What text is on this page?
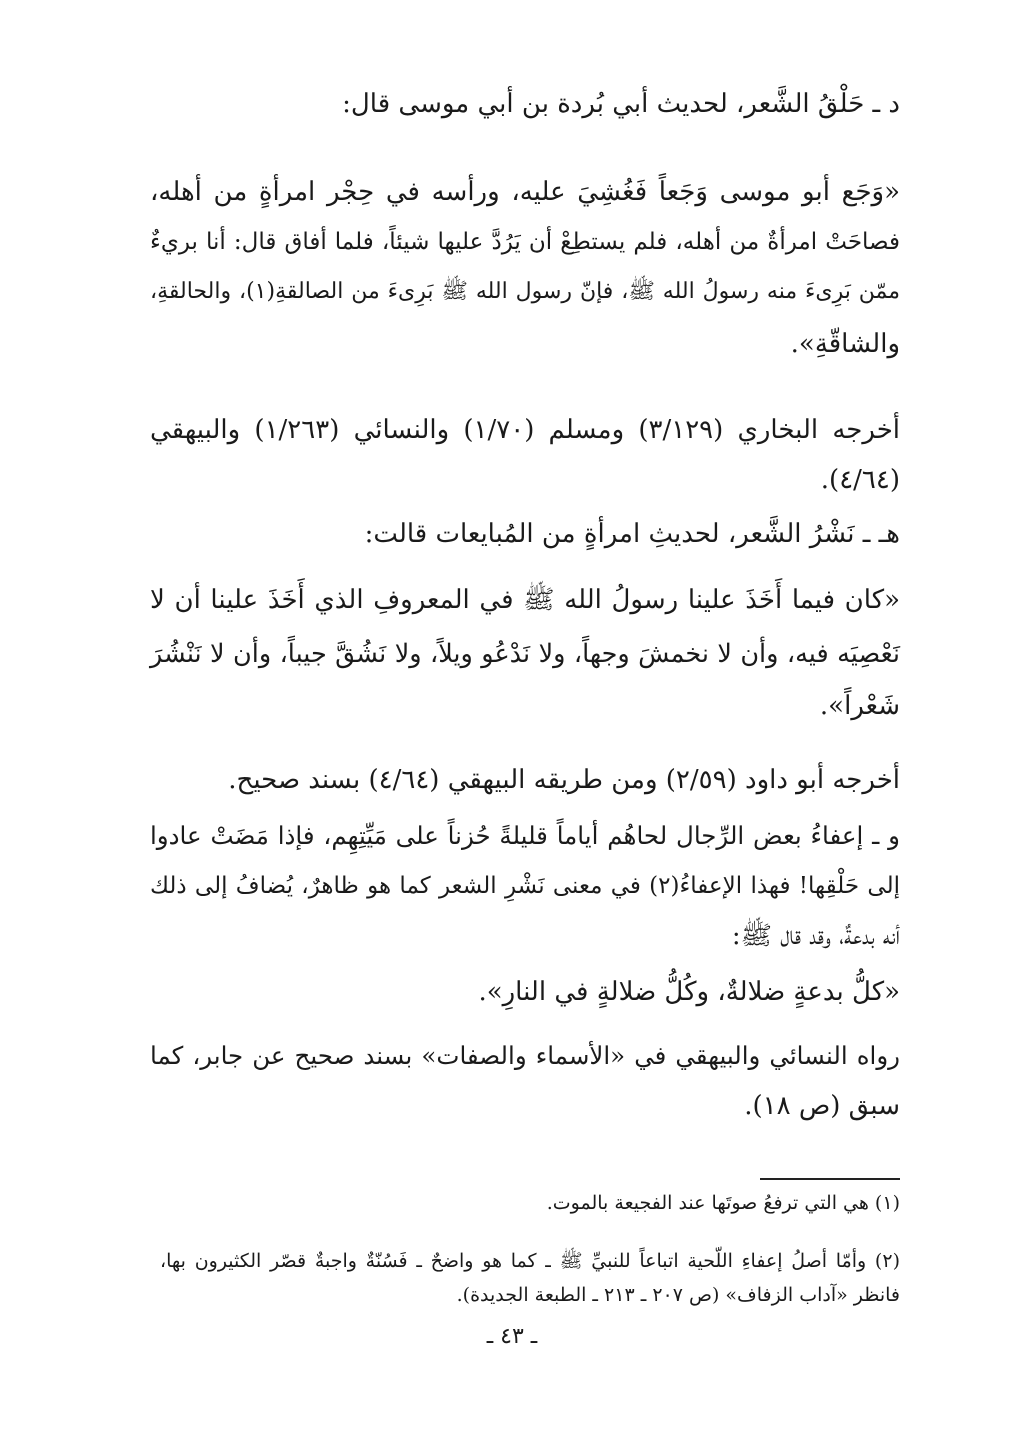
د ـ حَلْقُ الشَّعر، لحديث أبي بُردة بن أبي موسى قال:
«وَجَع أبو موسى وَجَعاً فَغُشِيَ عليه، ورأسه في حِجْر امرأةٍ من أهله،
فصاحَتْ امرأةٌ من أهله، فلم يستطِعْ أن يَرُدَّ عليها شيئاً، فلما أفاق قال: أنا بريءٌ
ممّن بَرِىءَ منه رسولُ الله ﷺ، فإنّ رسول الله ﷺ بَرِىءَ من الصالقةِ(١)، والحالقةِ،
والشاقّةِ».
أخرجه البخاري (٣/١٢٩) ومسلم (١/٧٠) والنسائي (١/٢٦٣) والبيهقي
(٤/٦٤).
هـ ـ نَشْرُ الشَّعر، لحديثِ امرأةٍ من المُبايعات قالت:
«كان فيما أَخَذَ علينا رسولُ الله ﷺ في المعروفِ الذي أَخَذَ علينا أن لا
نَعْصِيَه فيه، وأن لا نخمشَ وجهاً، ولا نَدْعُو ويلاً، ولا نَشُقَّ جيباً، وأن لا نَنْشُرَ
شَعْراً».
أخرجه أبو داود (٢/٥٩) ومن طريقه البيهقي (٤/٦٤) بسند صحيح.
و ـ إعفاءُ بعض الرِّجال لحاهُم أياماً قليلةً حُزناً على مَيِّتِهِم، فإذا مَضَتْ عادوا
إلى حَلْقِها! فهذا الإعفاءُ(٢) في معنى نَشْرِ الشعر كما هو ظاهرٌ، يُضافُ إلى ذلك
أنه بدعةٌ، وقد قال ﷺ:
«كلُّ بدعةٍ ضلالةٌ، وكُلُّ ضلالةٍ في النارِ».
رواه النسائي والبيهقي في «الأسماء والصفات» بسند صحيح عن جابر، كما
سبق (ص ١٨).
(١) هي التي ترفعُ صوتَها عند الفجيعة بالموت.
(٢) وأمّا أصلُ إعفاءِ اللّحية اتباعاً للنبيِّ ﷺ ـ كما هو واضحٌ ـ فَسُنّةٌ واجبةٌ قصّر الكثيرون بها،
فانظر «آداب الزفاف» (ص ٢٠٧ ـ ٢١٣ ـ الطبعة الجديدة).
ـ ٤٣ ـ
